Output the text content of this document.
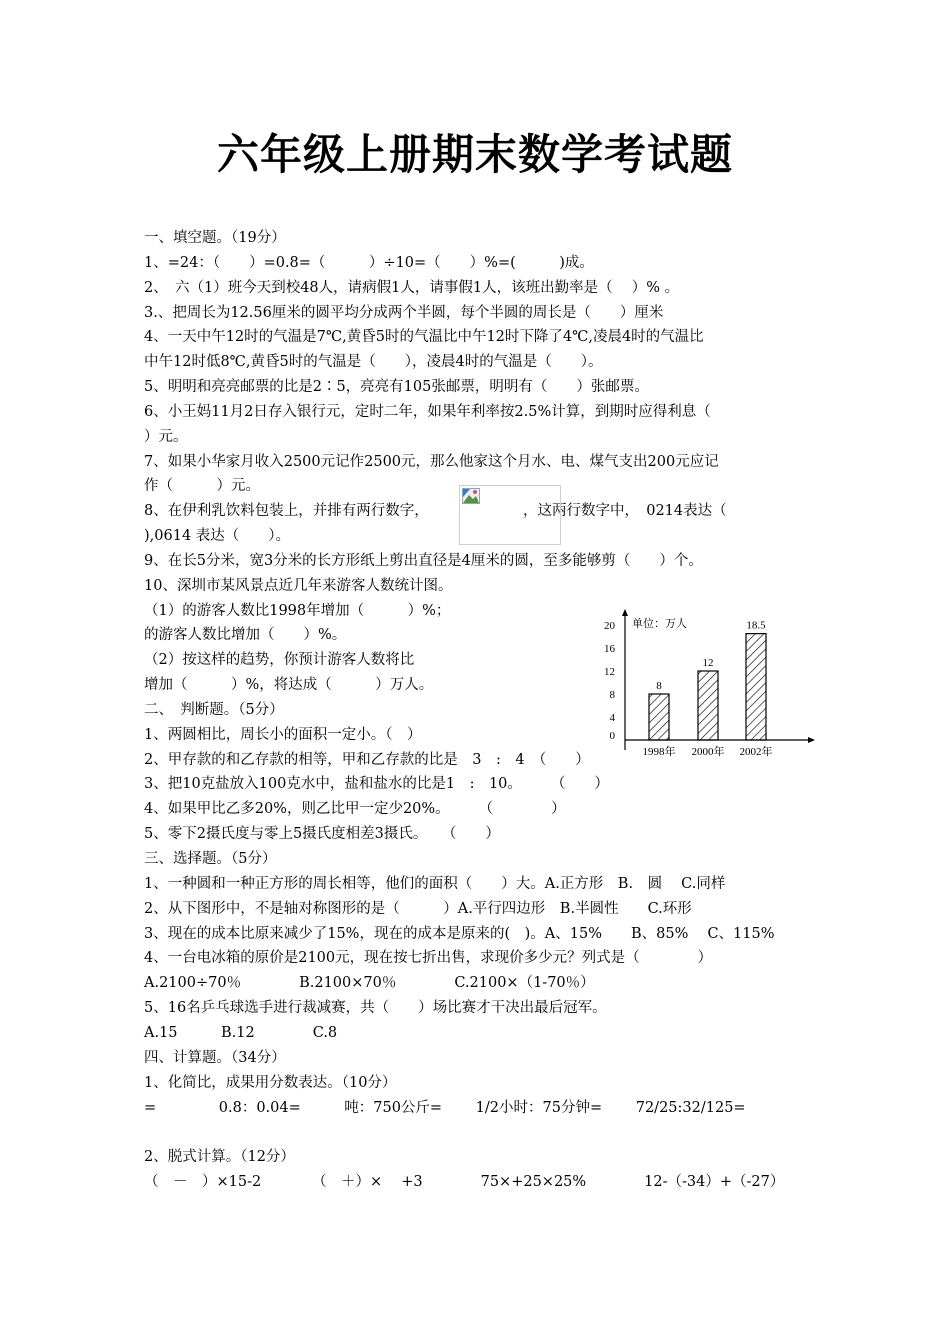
六年级上册期末数学考试题
一、填空题。（19分）
1、=24：（　　）=0.8=（　　　）÷10=（　　）%=(　　　)成。
2、　六（1）班今天到校48人，请病假1人，请事假1人，该班出勤率是（　 ）% 。
3.、把周长为12.56厘米的圆平均分成两个半圆，每个半圆的周长是（　　）厘米
4、一天中午12时的气温是7℃,黄昏5时的气温比中午12时下降了4℃,凌晨4时的气温比
中午12时低8℃,黄昏5时的气温是（　　），凌晨4时的气温是（　　）。
5、明明和亮亮邮票的比是2∶5，亮亮有105张邮票，明明有（　　）张邮票。
6、小王妈11月2日存入银行元，定时二年，如果年利率按2.5%计算，到期时应得利息（
）元。
7、如果小华家月收入2500元记作2500元，那么他家这个月水、电、煤气支出200元应记
作（　　　）元。
8、在伊利乳饮料包装上，并排有两行数字，　　　　　　　，这两行数字中，　0214表达（
),0614 表达（　　）。
9、在长5分米，宽3分米的长方形纸上剪出直径是4厘米的圆，至多能够剪（　　）个。
10、深圳市某风景点近几年来游客人数统计图。
（1）的游客人数比1998年增加（　　　）%；
的游客人数比增加（　　）%。
（2）按这样的趋势，你预计游客人数将比
增加（　　　）%，将达成（　　　）万人。
二、　判断题。（5分）
1、两圆相比，周长小的面积一定小。（　）
2、甲存款的和乙存款的相等，甲和乙存款的比是　3　:　4　（　　）
3、把10克盐放入100克水中，盐和盐水的比是1　:　10。　　　（　　）
4、如果甲比乙多20%，则乙比甲一定少20%。　　　（　　　　）
5、零下2摄氏度与零上5摄氏度相差3摄氏。　　（　　）
三、选择题。（5分）
1、一种圆和一种正方形的周长相等，他们的面积（　　）大。A.正方形　B.　圆　 C.同样
2、从下图形中，不是轴对称图形的是（　　　）A.平行四边形　B.半圆性　　C.环形
3、现在的成本比原来减少了15%，现在的成本是原来的(　)。A、15%　　B、85%　 C、115%
4、一台电冰箱的原价是2100元，现在按七折出售，求现价多少元？列式是（　　　　）
A.2100÷70％　　　　B.2100×70％　　　　C.2100×（1-70％）
5、16名乒乓球选手进行裁减赛，共（　　）场比赛才干决出最后冠军。
A.15　　　B.12　　　　C.8
四、计算题。（34分）
1、化简比，成果用分数表达。（10分）
=　　　　 0.8：0.04=　　　吨：750公斤=　　 1/2小时：75分钟=　　 72/25:32/125=
2、脱式计算。（12分）
（　－　）×15-2　　　　（　＋）×　 +3　　　　75×+25×25%　　　　12-（-34）+（-27）
单位：万人
0
4
8
12
16
20
8
1998年
12
2000年
18.5
2002年
